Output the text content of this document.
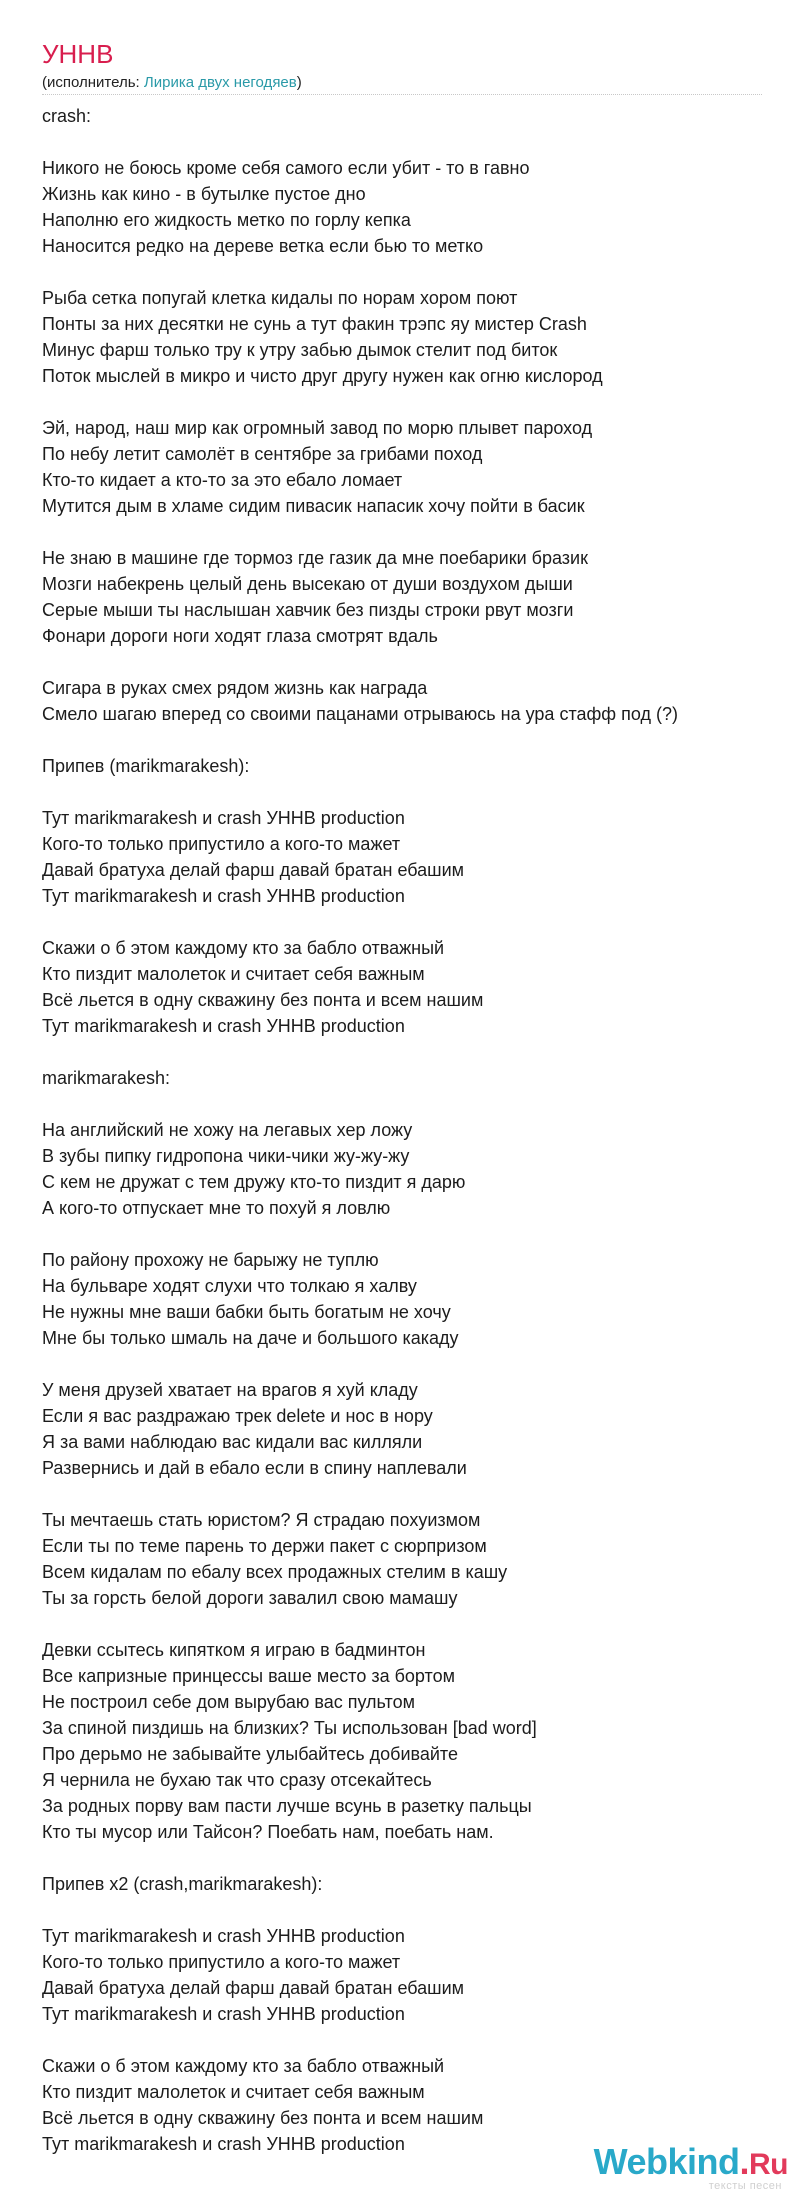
УННВ
(исполнитель: Лирика двух негодяев)
crash:
Никого не боюсь кроме себя самого если убит - то в гавно
Жизнь как кино - в бутылке пустое дно
Наполню его жидкость метко по горлу кепка
Наносится редко на дереве ветка если бью то метко
Рыба сетка попугай клетка кидалы по норам хором поют
Понты за них десятки не сунь а тут факин трэпс яу мистер Crash
Минус фарш только тру к утру забью дымок стелит под биток
Поток мыслей в микро и чисто друг другу нужен как огню кислород
Эй, народ, наш мир как огромный завод по морю плывет пароход
По небу летит самолёт в сентябре за грибами поход
Кто-то кидает а кто-то за это ебало ломает
Мутится дым в хламе сидим пивасик напасик хочу пойти в басик
Не знаю в машине где тормоз где газик да мне поебарики бразик
Мозги набекрень целый день высекаю от души воздухом дыши
Серые мыши ты наслышан хавчик без пизды строки рвут мозги
Фонари дороги ноги ходят глаза смотрят вдаль
Сигара в руках смех рядом жизнь как награда
Смело шагаю вперед со своими пацанами отрываюсь на ура стафф под (?)
Припев (marikmarakesh):
Тут marikmarakesh и crash УННВ production
Кого-то только припустило а кого-то мажет
Давай братуха делай фарш давай братан ебашим
Тут marikmarakesh и crash УННВ production
Скажи о б этом каждому кто за бабло отважный
Кто пиздит малолеток и считает себя важным
Всё льется в одну скважину без понта и всем нашим
Тут marikmarakesh и crash УННВ production
marikmarakesh:
На английский не хожу на легавых хер ложу
В зубы пипку гидропона чики-чики жу-жу-жу
С кем не дружат с тем дружу кто-то пиздит я дарю
А кого-то отпускает мне то похуй я ловлю
По району прохожу не барыжу не туплю
На бульваре ходят слухи что толкаю я халву
Не нужны мне ваши бабки быть богатым не хочу
Мне бы только шмаль на даче и большого какаду
У меня друзей хватает на врагов я хуй кладу
Если я вас раздражаю трек delete и нос в нору
Я за вами наблюдаю вас кидали вас килляли
Развернись и дай в ебало если в спину наплевали
Ты мечтаешь стать юристом? Я страдаю похуизмом
Если ты по теме парень то держи пакет с сюрпризом
Всем кидалам по ебалу всех продажных стелим в кашу
Ты за горсть белой дороги завалил свою мамашу
Девки ссытесь кипятком я играю в бадминтон
Все капризные принцессы ваше место за бортом
Не построил себе дом вырубаю вас пультом
За спиной пиздишь на близких? Ты использован [bad word]
Про дерьмо не забывайте улыбайтесь добивайте
Я чернила не бухаю так что сразу отсекайтесь
За родных порву вам пасти лучше всунь в разетку пальцы
Кто ты мусор или Тайсон? Поебать нам, поебать нам.
Припев x2 (crash,marikmarakesh):
Тут marikmarakesh и crash УННВ production
Кого-то только припустило а кого-то мажет
Давай братуха делай фарш давай братан ебашим
Тут marikmarakesh и crash УННВ production
Скажи о б этом каждому кто за бабло отважный
Кто пиздит малолеток и считает себя важным
Всё льется в одну скважину без понта и всем нашим
Тут marikmarakesh и crash УННВ production	Webkind.Ru
тексты песен
